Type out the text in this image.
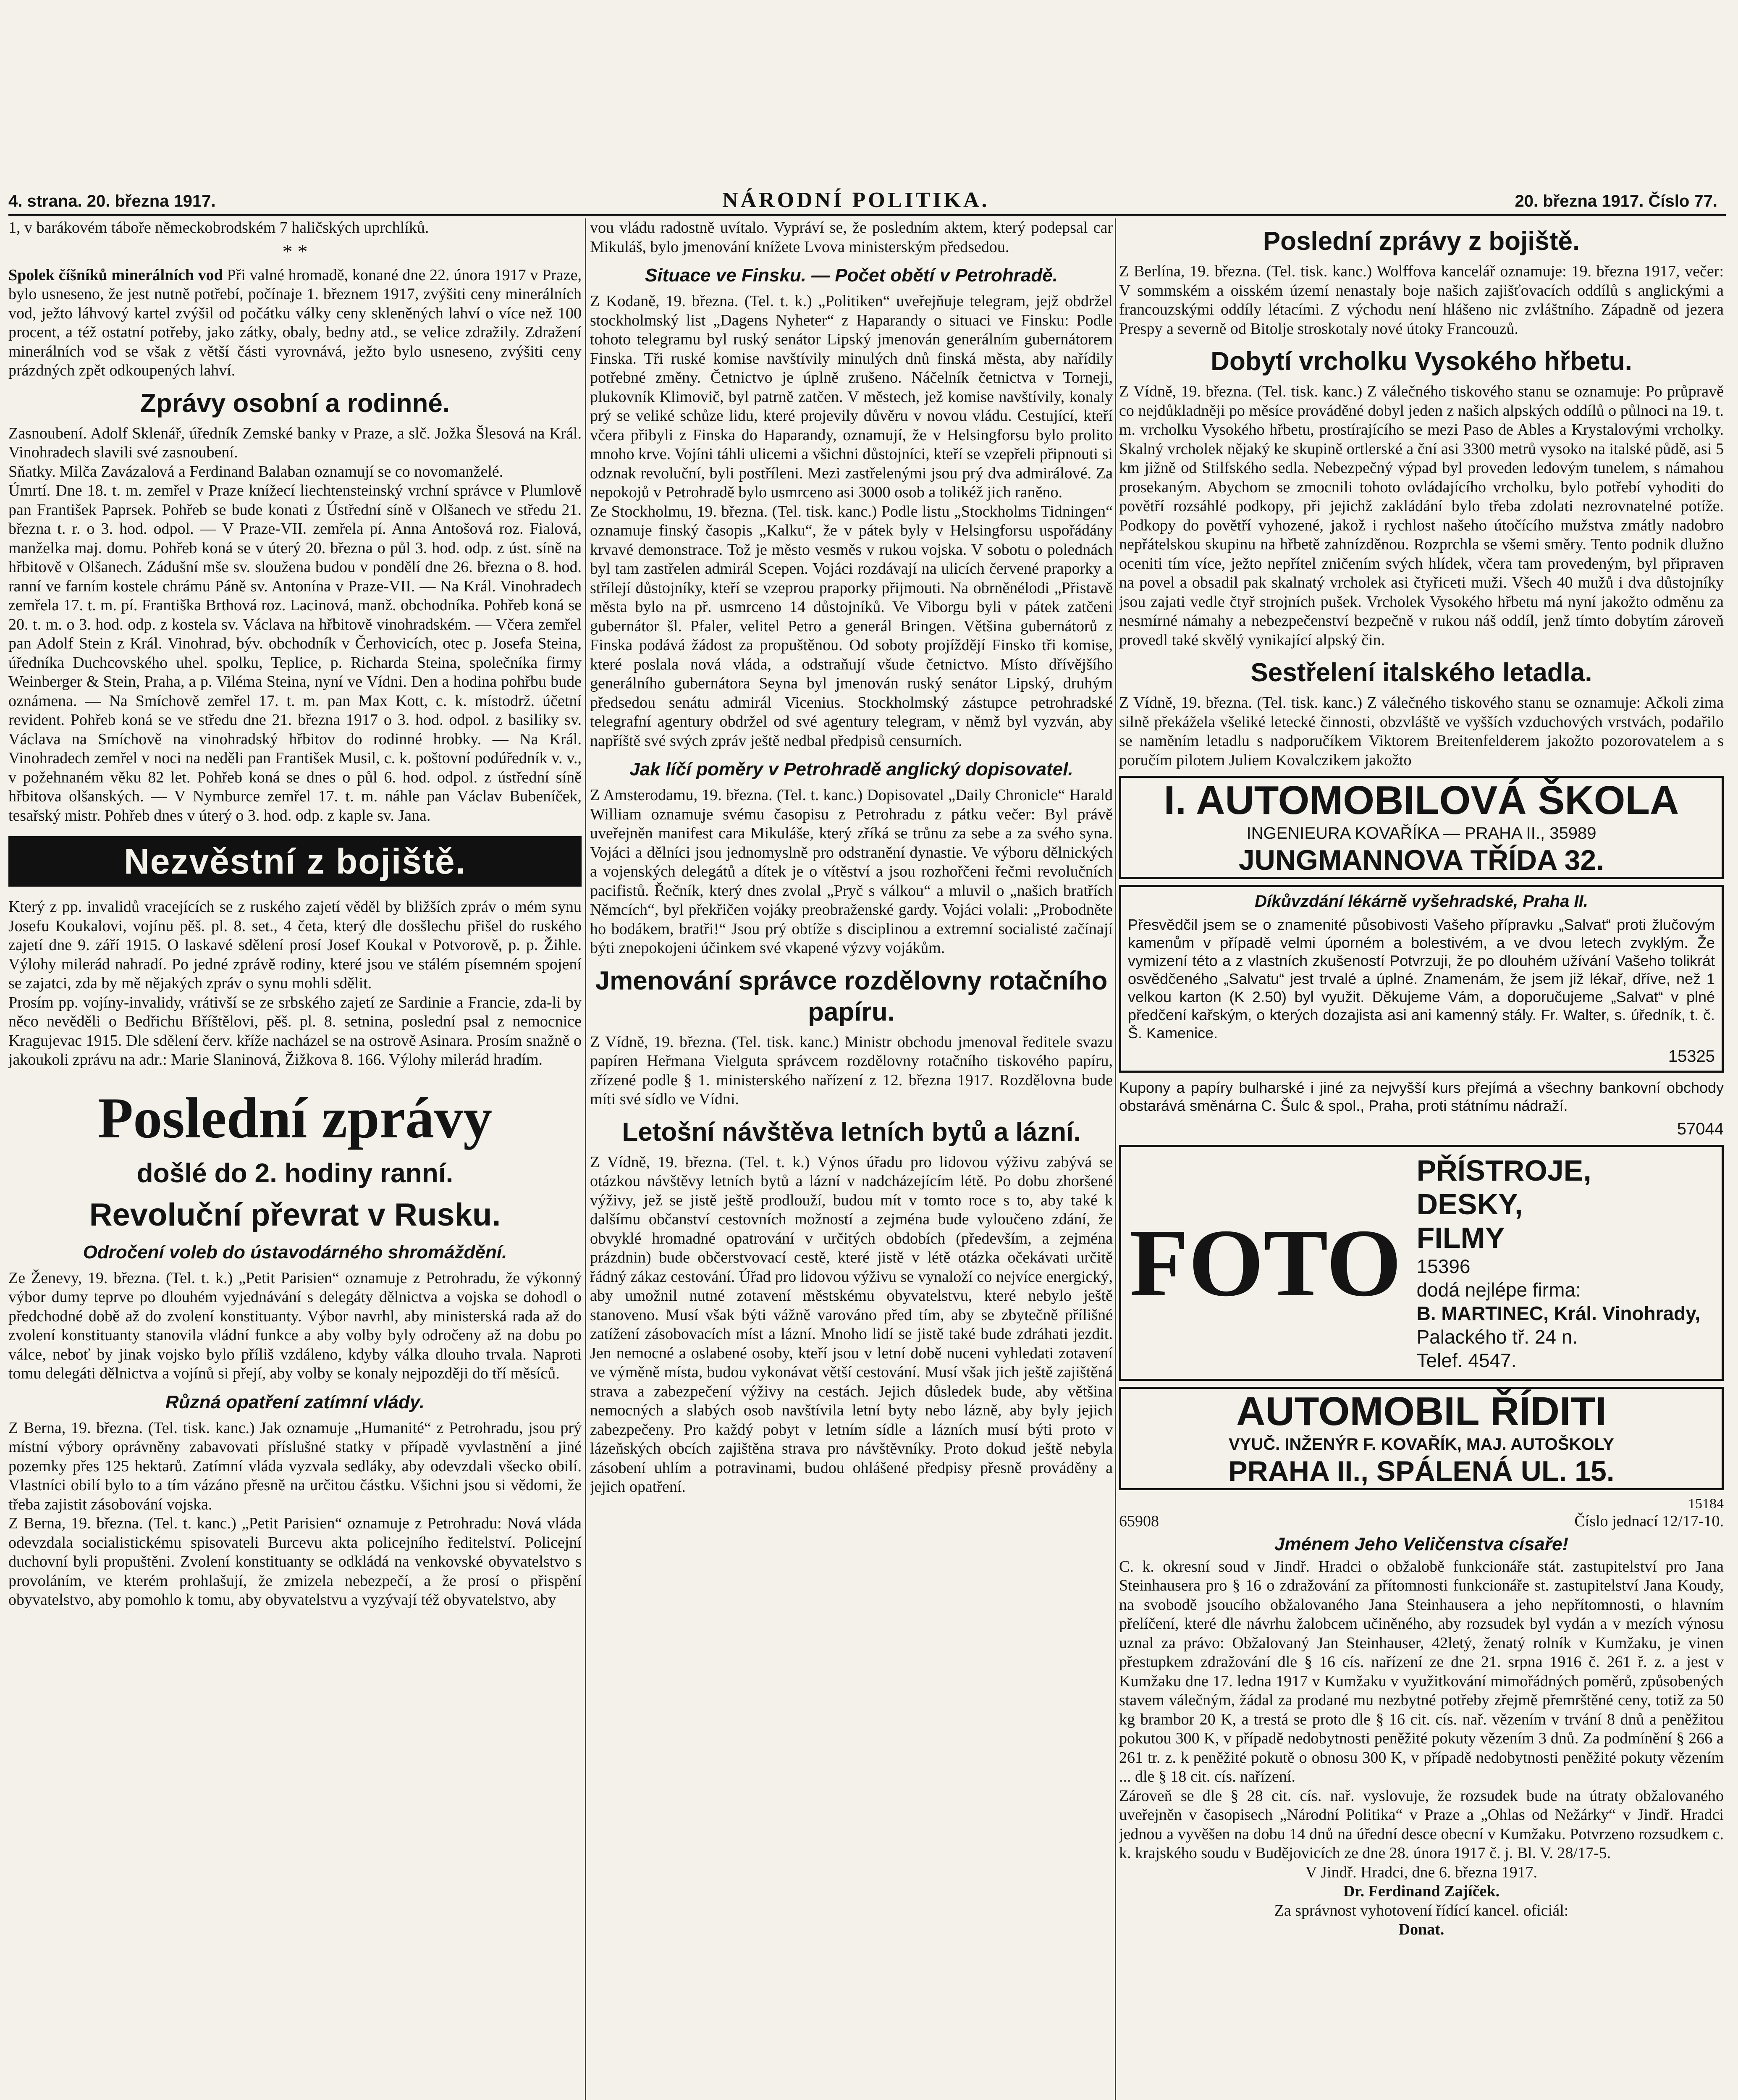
4. strana. 20. března 1917.	NÁRODNÍ POLITIKA.	20. března 1917. Číslo 77.

1, v barákovém táboře německobrodském 7 haličských uprchlíků.

* *

Spolek číšníků minerálních vod Při valné hromadě, konané dne 22. února 1917 v Praze, bylo usneseno, že jest nutně potřebí, počínaje 1. březnem 1917, zvýšiti ceny minerálních vod, ježto láhvový kartel zvýšil od počátku války ceny skleněných lahví o více než 100 procent, a též ostatní potřeby, jako zátky, obaly, bedny atd., se velice zdražily. Zdražení minerálních vod se však z větší části vyrovnává, ježto bylo usneseno, zvýšiti ceny prázdných zpět odkoupených lahví.

Zprávy osobní a rodinné.

Zasnoubení. Adolf Sklenář, úředník Zemské banky v Praze, a slč. Jožka Šlesová na Král. Vinohradech slavili své zasnoubení.

Sňatky. Milča Zavázalová a Ferdinand Balaban oznamují se co novomanželé.

Úmrtí. Dne 18. t. m. zemřel v Praze knížecí liechtensteinský vrchní správce v Plumlově pan František Paprsek. Pohřeb se bude konati z Ústřední síně v Olšanech ve středu 21. března t. r. o 3. hod. odpol. — V Praze-VII. zemřela pí. Anna Antošová roz. Fialová, manželka maj. domu. Pohřeb koná se v úterý 20. března o půl 3. hod. odp. z úst. síně na hřbitově v Olšanech. Zádušní mše sv. sloužena budou v pondělí dne 26. března o 8. hod. ranní ve farním kostele chrámu Páně sv. Antonína v Praze-VII. — Na Král. Vinohradech zemřela 17. t. m. pí. Františka Brthová roz. Lacinová, manž. obchodníka. Pohřeb koná se 20. t. m. o 3. hod. odp. z kostela sv. Václava na hřbitově vinohradském. — Včera zemřel pan Adolf Stein z Král. Vinohrad, býv. obchodník v Čerhovicích, otec p. Josefa Steina, úředníka Duchcovského uhel. spolku, Teplice, p. Richarda Steina, společníka firmy Weinberger & Stein, Praha, a p. Viléma Steina, nyní ve Vídni. Den a hodina pohřbu bude oznámena. — Na Smíchově zemřel 17. t. m. pan Max Kott, c. k. místodrž. účetní revident. Pohřeb koná se ve středu dne 21. března 1917 o 3. hod. odpol. z basiliky sv. Václava na Smíchově na vinohradský hřbitov do rodinné hrobky. — Na Král. Vinohradech zemřel v noci na neděli pan František Musil, c. k. poštovní podúředník v. v., v požehnaném věku 82 let. Pohřeb koná se dnes o půl 6. hod. odpol. z ústřední síně hřbitova olšanských. — V Nymburce zemřel 17. t. m. náhle pan Václav Bubeníček, tesařský mistr. Pohřeb dnes v úterý o 3. hod. odp. z kaple sv. Jana.

Nezvěstní z bojiště.

Který z pp. invalidů vracejících se z ruského zajetí věděl by bližších zpráv o mém synu Josefu Koukalovi, vojínu pěš. pl. 8. set., 4 četa, který dle dosšlechu přišel do ruského zajetí dne 9. září 1915. O laskavé sdělení prosí Josef Koukal v Potvorově, p. p. Žihle. Výlohy milerád nahradí. Po jedné zprávě rodiny, které jsou ve stálém písemném spojení se zajatci, zda by mě nějakých zpráv o synu mohli sdělit.

Prosím pp. vojíny-invalidy, vrátivší se ze srbského zajetí ze Sardinie a Francie, zda-li by něco nevěděli o Bedřichu Bříštělovi, pěš. pl. 8. setnina, poslední psal z nemocnice Kragujevac 1915. Dle sdělení červ. kříže nacházel se na ostrově Asinara. Prosím snažně o jakoukoli zprávu na adr.: Marie Slaninová, Žižkova 8. 166. Výlohy milerád hradím.

Poslední zprávy
došlé do 2. hodiny ranní.
Revoluční převrat v Rusku.
Odročení voleb do ústavodárného shromáždění.

Ze Ženevy, 19. března. (Tel. t. k.) „Petit Parisien“ oznamuje z Petrohradu, že výkonný výbor dumy teprve po dlouhém vyjednávání s delegáty dělnictva a vojska se dohodl o předchodné době až do zvolení konstituanty. Výbor navrhl, aby ministerská rada až do zvolení konstituanty stanovila vládní funkce a aby volby byly odročeny až na dobu po válce, neboť by jinak vojsko bylo příliš vzdáleno, kdyby válka dlouho trvala. Naproti tomu delegáti dělnictva a vojínů si přejí, aby volby se konaly nejpozději do tří měsíců.

Různá opatření zatímní vlády.

Z Berna, 19. března. (Tel. tisk. kanc.) Jak oznamuje „Humanité“ z Petrohradu, jsou prý místní výbory oprávněny zabavovati příslušné statky v případě vyvlastnění a jiné pozemky přes 125 hektarů. Zatímní vláda vyzvala sedláky, aby odevzdali všecko obilí. Vlastníci obilí bylo to a tím vázáno přesně na určitou částku. Všichni jsou si vědomi, že třeba zajistit zásobování vojska.

Z Berna, 19. března. (Tel. t. kanc.) „Petit Parisien“ oznamuje z Petrohradu: Nová vláda odevzdala socialistickému spisovateli Burcevu akta policejního ředitelství. Policejní duchovní byli propuštěni. Zvolení konstituanty se odkládá na venkovské obyvatelstvo s provoláním, ve kterém prohlašují, že zmizela nebezpečí, a že prosí o přispění obyvatelstvo, aby pomohlo k tomu, aby obyvatelstvu a vyzývají též obyvatelstvo, aby

vou vládu radostně uvítalo. Vypráví se, že posledním aktem, který podepsal car Mikuláš, bylo jmenování knížete Lvova ministerským předsedou.

Situace ve Finsku. — Počet obětí v Petrohradě.

Z Kodaně, 19. března. (Tel. t. k.) „Politiken“ uveřejňuje telegram, jejž obdržel stockholmský list „Dagens Nyheter“ z Haparandy o situaci ve Finsku: Podle tohoto telegramu byl ruský senátor Lipský jmenován generálním gubernátorem Finska. Tři ruské komise navštívily minulých dnů finská města, aby nařídily potřebné změny. Četnictvo je úplně zrušeno. Náčelník četnictva v Torneji, plukovník Klimovič, byl patrně zatčen. V městech, jež komise navštívily, konaly prý se veliké schůze lidu, které projevily důvěru v novou vládu. Cestující, kteří včera přibyli z Finska do Haparandy, oznamují, že v Helsingforsu bylo prolito mnoho krve. Vojíni táhli ulicemi a všichni důstojníci, kteří se vzepřeli připnouti si odznak revoluční, byli postříleni. Mezi zastřelenými jsou prý dva admirálové. Za nepokojů v Petrohradě bylo usmrceno asi 3000 osob a tolikéž jich raněno.

Ze Stockholmu, 19. března. (Tel. tisk. kanc.) Podle listu „Stockholms Tidningen“ oznamuje finský časopis „Kalku“, že v pátek byly v Helsingforsu uspořádány krvavé demonstrace. Tož je město vesměs v rukou vojska. V sobotu o polednách byl tam zastřelen admirál Scepen. Vojáci rozdávají na ulicích červené praporky a střílejí důstojníky, kteří se vzeprou praporky přijmouti. Na obrněnélodi „Přistavě města bylo na př. usmrceno 14 důstojníků. Ve Viborgu byli v pátek zatčeni gubernátor šl. Pfaler, velitel Petro a generál Bringen. Většina gubernátorů z Finska podává žádost za propuštěnou. Od soboty projíždějí Finsko tři komise, které poslala nová vláda, a odstraňují všude četnictvo. Místo dřívějšího generálního gubernátora Seyna byl jmenován ruský senátor Lipský, druhým předsedou senátu admirál Vicenius. Stockholmský zástupce petrohradské telegrafní agentury obdržel od své agentury telegram, v němž byl vyzván, aby napříště své svých zpráv ještě nedbal předpisů censurních.

Jak líčí poměry v Petrohradě anglický dopisovatel.

Z Amsterodamu, 19. března. (Tel. t. kanc.) Dopisovatel „Daily Chronicle“ Harald William oznamuje svému časopisu z Petrohradu z pátku večer: Byl právě uveřejněn manifest cara Mikuláše, který zříká se trůnu za sebe a za svého syna. Vojáci a dělníci jsou jednomyslně pro odstranění dynastie. Ve výboru dělnických a vojenských delegátů a dítek je o vítěství a jsou rozhořčeni řečmi revolučních pacifistů. Řečník, který dnes zvolal „Pryč s válkou“ a mluvil o „našich bratřích Němcích“, byl překřičen vojáky preobraženské gardy. Vojáci volali: „Probodněte ho bodákem, bratři!“ Jsou prý obtíže s disciplinou a extremní socialisté začínají býti znepokojeni účinkem své vkapené výzvy vojákům.

Jmenování správce rozdělovny rotačního papíru.

Z Vídně, 19. března. (Tel. tisk. kanc.) Ministr obchodu jmenoval ředitele svazu papíren Heřmana Vielguta správcem rozdělovny rotačního tiskového papíru, zřízené podle § 1. ministerského nařízení z 12. března 1917. Rozdělovna bude míti své sídlo ve Vídni.

Letošní návštěva letních bytů a lázní.

Z Vídně, 19. března. (Tel. t. k.) Výnos úřadu pro lidovou výživu zabývá se otázkou návštěvy letních bytů a lázní v nadcházejícím létě. Po dobu zhoršené výživy, jež se jistě ještě prodlouží, budou mít v tomto roce s to, aby také k dalšímu občanství cestovních možností a zejména bude vyloučeno zdání, že obvyklé hromadné opatrování v určitých obdobích (především, a zejména prázdnin) bude občerstvovací cestě, které jistě v létě otázka očekávati určitě řádný zákaz cestování. Úřad pro lidovou výživu se vynaloží co nejvíce energický, aby umožnil nutné zotavení městskému obyvatelstvu, které nebylo ještě stanoveno. Musí však býti vážně varováno před tím, aby se zbytečně přílišné zatížení zásobovacích míst a lázní. Mnoho lidí se jistě také bude zdráhati jezdit. Jen nemocné a oslabené osoby, kteří jsou v letní době nuceni vyhledati zotavení ve výměně místa, budou vykonávat větší cestování. Musí však jich ještě zajištěná strava a zabezpečení výživy na cestách. Jejich důsledek bude, aby většina nemocných a slabých osob navštívila letní byty nebo lázně, aby byly jejich zabezpečeny. Pro každý pobyt v letním sídle a lázních musí býti proto v lázeňských obcích zajištěna strava pro návštěvníky. Proto dokud ještě nebyla zásobení uhlím a potravinami, budou ohlášené předpisy přesně prováděny a jejich opatření.

Poslední zprávy z bojiště.

Z Berlína, 19. března. (Tel. tisk. kanc.) Wolffova kancelář oznamuje: 19. března 1917, večer: V sommském a oisském území nenastaly boje našich zajišťovacích oddílů s anglickými a francouzskými oddíly létacími. Z východu není hlášeno nic zvláštního. Západně od jezera Prespy a severně od Bitolje stroskotaly nové útoky Francouzů.

Dobytí vrcholku Vysokého hřbetu.

Z Vídně, 19. března. (Tel. tisk. kanc.) Z válečného tiskového stanu se oznamuje: Po průpravě co nejdůkladněji po měsíce prováděné dobyl jeden z našich alpských oddílů o půlnoci na 19. t. m. vrcholku Vysokého hřbetu, prostírajícího se mezi Paso de Ables a Krystalovými vrcholky. Skalný vrcholek nějaký ke skupině ortlerské a ční asi 3300 metrů vysoko na italské půdě, asi 5 km jižně od Stilfského sedla. Nebezpečný výpad byl proveden ledovým tunelem, s námahou prosekaným. Abychom se zmocnili tohoto ovládajícího vrcholku, bylo potřebí vyhoditi do povětří rozsáhlé podkopy, při jejichž zakládání bylo třeba zdolati nezrovnatelné potíže. Podkopy do povětří vyhozené, jakož i rychlost našeho útočícího mužstva zmátly nadobro nepřátelskou skupinu na hřbetě zahnízděnou. Rozprchla se všemi směry. Tento podnik dlužno oceniti tím více, ježto nepřítel zničením svých hlídek, včera tam provedeným, byl připraven na povel a obsadil pak skalnatý vrcholek asi čtyřiceti muži. Všech 40 mužů i dva důstojníky jsou zajati vedle čtyř strojních pušek. Vrcholek Vysokého hřbetu má nyní jakožto odměnu za nesmírné námahy a nebezpečenství bezpečně v rukou náš oddíl, jenž tímto dobytím zároveň provedl také skvělý vynikající alpský čin.

Sestřelení italského letadla.

Z Vídně, 19. března. (Tel. tisk. kanc.) Z válečného tiskového stanu se oznamuje: Ačkoli zima silně překážela všeliké letecké činnosti, obzvláště ve vyšších vzduchových vrstvách, podařilo se naměním letadlu s nadporučíkem Viktorem Breitenfelderem jakožto pozorovatelem a s poručím pilotem Juliem Kovalczikem jakožto

I. AUTOMOBILOVÁ ŠKOLA
INGENIEURA KOVAŘÍKA — PRAHA II., 35989
JUNGMANNOVA TŘÍDA 32.
Díkůvzdání lékárně vyšehradské, Praha II.

Přesvědčil jsem se o znamenité působivosti Vašeho přípravku „Salvat“ proti žlučovým kamenům v případě velmi úporném a bolestivém, a ve dvou letech zvyklým. Že vymizení této a z vlastních zkušeností Potvrzuji, že po dlouhém užívání Vašeho tolikrát osvědčeného „Salvatu“ jest trvalé a úplné. Znamenám, že jsem již lékař, dříve, než 1 velkou karton (K 2.50) byl využit. Děkujeme Vám, a doporučujeme „Salvat“ v plné předčení kařským, o kterých dozajista asi ani kamenný stály. Fr. Walter, s. úředník, t. č. Š. Kamenice.

15325

Kupony a papíry bulharské i jiné za nejvyšší kurs přejímá a všechny bankovní obchody obstarává směnárna C. Šulc & spol., Praha, proti státnímu nádraží.

57044
FOTO
PŘÍSTROJE,
DESKY,
FILMY
15396
dodá nejlépe firma:
B. MARTINEC, Král. Vinohrady,
Palackého tř. 24 n.
Telef. 4547.
AUTOMOBIL ŘÍDITI
VYUČ. INŽENÝR F. KOVAŘÍK, MAJ. AUTOŠKOLY
PRAHA II., SPÁLENÁ UL. 15.
15184
65908	Číslo jednací 12/17-10.
Jménem Jeho Veličenstva císaře!

C. k. okresní soud v Jindř. Hradci o obžalobě funkcionáře stát. zastupitelství pro Jana Steinhausera pro § 16 o zdražování za přítomnosti funkcionáře st. zastupitelství Jana Koudy, na svobodě jsoucího obžalovaného Jana Steinhausera a jeho nepřítomnosti, o hlavním přelíčení, které dle návrhu žalobcem učiněného, aby rozsudek byl vydán a v mezích výnosu uznal za právo: Obžalovaný Jan Steinhauser, 42letý, ženatý rolník v Kumžaku, je vinen přestupkem zdražování dle § 16 cís. nařízení ze dne 21. srpna 1916 č. 261 ř. z. a jest v Kumžaku dne 17. ledna 1917 v Kumžaku v využitkování mimořádných poměrů, způsobených stavem válečným, žádal za prodané mu nezbytné potřeby zřejmě přemrštěné ceny, totiž za 50 kg brambor 20 K, a trestá se proto dle § 16 cit. cís. nař. vězením v trvání 8 dnů a peněžitou pokutou 300 K, v případě nedobytnosti peněžité pokuty vězením 3 dnů. Za podmínění § 266 a 261 tr. z. k peněžité pokutě o obnosu 300 K, v případě nedobytnosti peněžité pokuty vězením ... dle § 18 cit. cís. nařízení.

Zároveň se dle § 28 cit. cís. nař. vyslovuje, že rozsudek bude na útraty obžalovaného uveřejněn v časopisech „Národní Politika“ v Praze a „Ohlas od Nežárky“ v Jindř. Hradci jednou a vyvěšen na dobu 14 dnů na úřední desce obecní v Kumžaku. Potvrzeno rozsudkem c. k. krajského soudu v Budějovicích ze dne 28. února 1917 č. j. Bl. V. 28/17-5.

V Jindř. Hradci, dne 6. března 1917.

Dr. Ferdinand Zajíček.

Za správnost vyhotovení řídící kancel. oficiál:

Donat.
